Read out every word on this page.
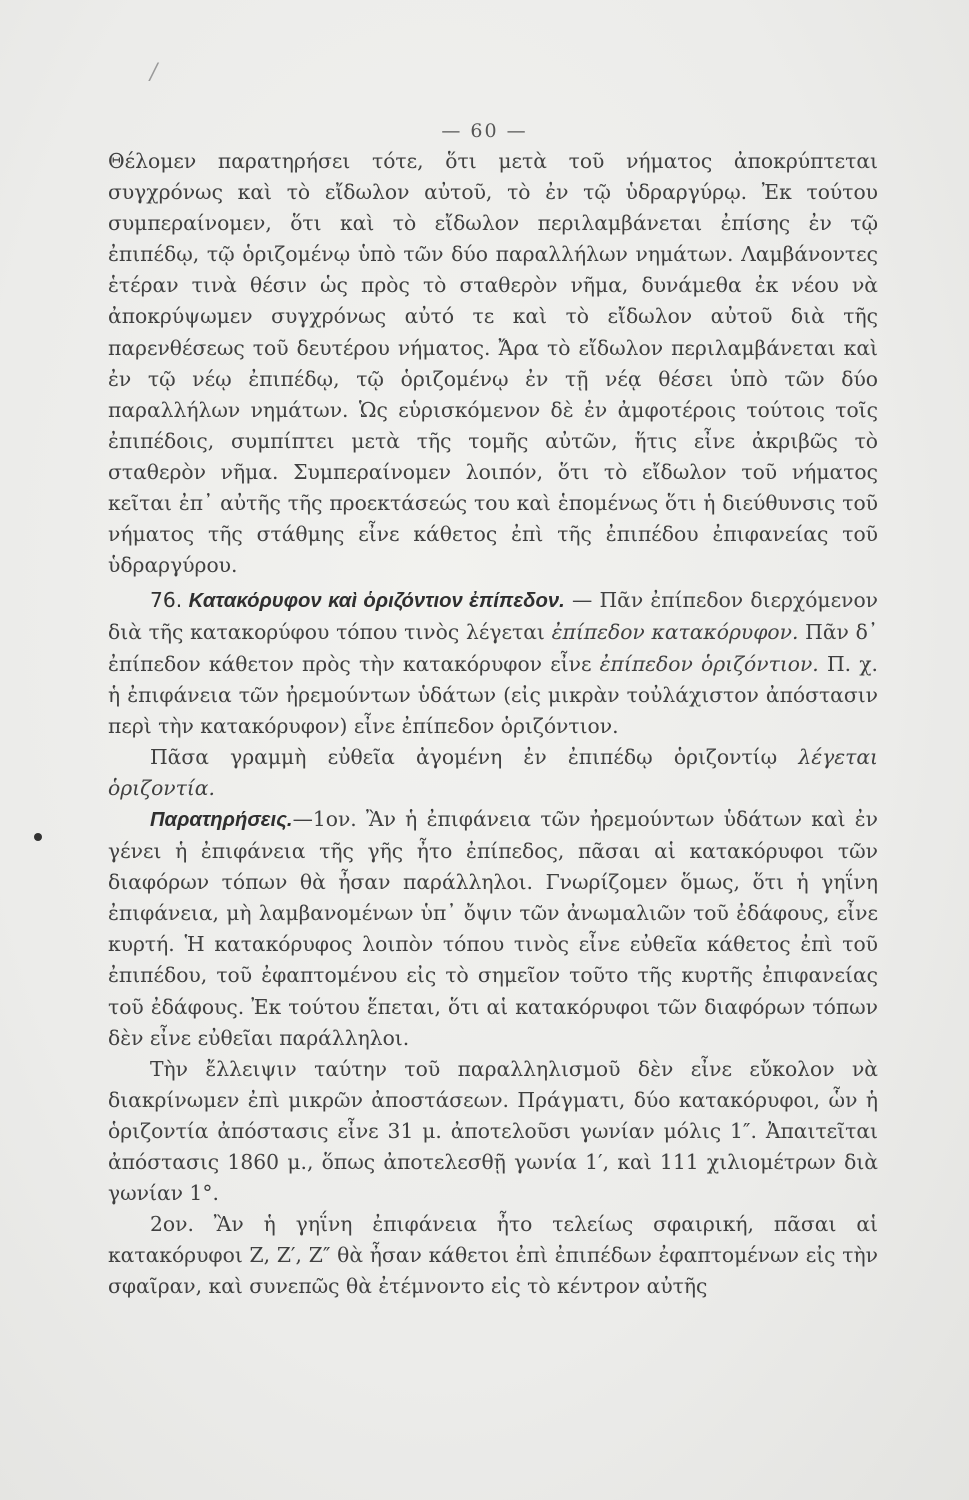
/
— 60 —

Θέλομεν παρατηρήσει τότε, ὅτι μετὰ τοῦ νήματος ἀποκρύπτεται συγχρόνως καὶ τὸ εἴδωλον αὐτοῦ, τὸ ἐν τῷ ὑδραργύρῳ. Ἐκ τούτου συμπεραίνομεν, ὅτι καὶ τὸ εἴδωλον περιλαμβάνεται ἐπίσης ἐν τῷ ἐπιπέδῳ, τῷ ὁριζομένῳ ὑπὸ τῶν δύο παραλλήλων νημάτων. Λαμβάνοντες ἑτέραν τινὰ θέσιν ὡς πρὸς τὸ σταθερὸν νῆμα, δυνάμεθα ἐκ νέου νὰ ἀποκρύψωμεν συγχρόνως αὐτό τε καὶ τὸ εἴδωλον αὐτοῦ διὰ τῆς παρενθέσεως τοῦ δευτέρου νήματος. Ἄρα τὸ εἴδωλον περιλαμβάνεται καὶ ἐν τῷ νέῳ ἐπιπέδῳ, τῷ ὁριζομένῳ ἐν τῇ νέᾳ θέσει ὑπὸ τῶν δύο παραλλήλων νημάτων. Ὡς εὑρισκόμενον δὲ ἐν ἀμφοτέροις τούτοις τοῖς ἐπιπέδοις, συμπίπτει μετὰ τῆς τομῆς αὐτῶν, ἥτις εἶνε ἀκριβῶς τὸ σταθερὸν νῆμα. Συμπεραίνομεν λοιπόν, ὅτι τὸ εἴδωλον τοῦ νήματος κεῖται ἐπ᾽ αὐτῆς τῆς προεκτάσεώς του καὶ ἑπομένως ὅτι ἡ διεύθυνσις τοῦ νήματος τῆς στάθμης εἶνε κάθετος ἐπὶ τῆς ἐπιπέδου ἐπιφανείας τοῦ ὑδραργύρου.

76. Κατακόρυφον καὶ ὁριζόντιον ἐπίπεδον. — Πᾶν ἐπίπεδον διερχόμενον διὰ τῆς κατακορύφου τόπου τινὸς λέγεται ἐπίπεδον κατακόρυφον. Πᾶν δ᾽ ἐπίπεδον κάθετον πρὸς τὴν κατακόρυφον εἶνε ἐπίπεδον ὁριζόντιον. Π. χ. ἡ ἐπιφάνεια τῶν ἠρεμούντων ὑδάτων (εἰς μικρὰν τοὐλάχιστον ἀπόστασιν περὶ τὴν κατακόρυφον) εἶνε ἐπίπεδον ὁριζόντιον.

Πᾶσα γραμμὴ εὐθεῖα ἀγομένη ἐν ἐπιπέδῳ ὁριζοντίῳ λέγεται ὁριζοντία.

Παρατηρήσεις.—1ον. Ἂν ἡ ἐπιφάνεια τῶν ἠρεμούντων ὑδάτων καὶ ἐν γένει ἡ ἐπιφάνεια τῆς γῆς ἦτο ἐπίπεδος, πᾶσαι αἱ κατακόρυφοι τῶν διαφόρων τόπων θὰ ἦσαν παράλληλοι. Γνωρίζομεν ὅμως, ὅτι ἡ γηΐνη ἐπιφάνεια, μὴ λαμβανομένων ὑπ᾽ ὄψιν τῶν ἀνωμαλιῶν τοῦ ἐδάφους, εἶνε κυρτή. Ἡ κατακόρυφος λοιπὸν τόπου τινὸς εἶνε εὐθεῖα κάθετος ἐπὶ τοῦ ἐπιπέδου, τοῦ ἐφαπτομένου εἰς τὸ σημεῖον τοῦτο τῆς κυρτῆς ἐπιφανείας τοῦ ἐδάφους. Ἐκ τούτου ἕπεται, ὅτι αἱ κατακόρυφοι τῶν διαφόρων τόπων δὲν εἶνε εὐθεῖαι παράλληλοι.

Τὴν ἔλλειψιν ταύτην τοῦ παραλληλισμοῦ δὲν εἶνε εὔκολον νὰ διακρίνωμεν ἐπὶ μικρῶν ἀποστάσεων. Πράγματι, δύο κατακόρυφοι, ὧν ἡ ὁριζοντία ἀπόστασις εἶνε 31 μ. ἀποτελοῦσι γωνίαν μόλις 1″. Ἀπαιτεῖται ἀπόστασις 1860 μ., ὅπως ἀποτελεσθῇ γωνία 1′, καὶ 111 χιλιομέτρων διὰ γωνίαν 1°.

2ον. Ἂν ἡ γηΐνη ἐπιφάνεια ἦτο τελείως σφαιρική, πᾶσαι αἱ κατακόρυφοι Ζ, Ζ′, Ζ″ θὰ ἦσαν κάθετοι ἐπὶ ἐπιπέδων ἐφαπτομένων εἰς τὴν σφαῖραν, καὶ συνεπῶς θὰ ἐτέμνοντο εἰς τὸ κέντρον αὐτῆς
